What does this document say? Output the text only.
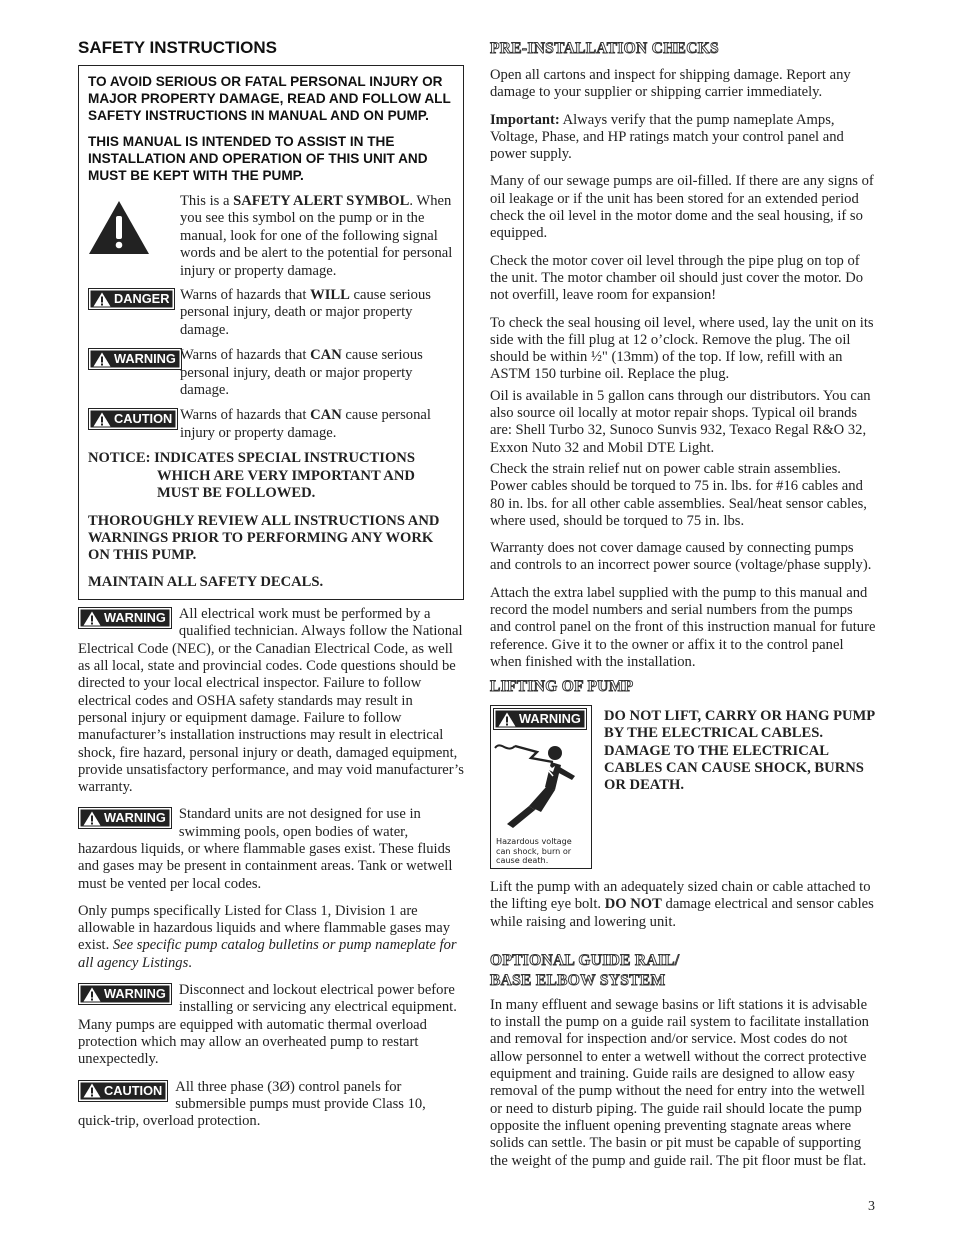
SAFETY INSTRUCTIONS

TO AVOID SERIOUS OR FATAL PERSONAL INJURY OR MAJOR PROPERTY DAMAGE, READ AND FOLLOW ALL SAFETY INSTRUCTIONS IN MANUAL AND ON PUMP.

THIS MANUAL IS INTENDED TO ASSIST IN THE INSTALLATION AND OPERATION OF THIS UNIT AND MUST BE KEPT WITH THE PUMP.

This is a SAFETY ALERT SYMBOL. When you see this symbol on the pump or in the manual, look for one of the following signal words and be alert to the potential for personal injury or property damage.
DANGER Warns of hazards that WILL cause serious personal injury, death or major property damage.
WARNING Warns of hazards that CAN cause serious personal injury, death or major property damage.
CAUTION Warns of hazards that CAN cause personal injury or property damage.
NOTICE: INDICATES SPECIAL INSTRUCTIONS
WHICH ARE VERY IMPORTANT AND
MUST BE FOLLOWED.

THOROUGHLY REVIEW ALL INSTRUCTIONS AND WARNINGS PRIOR TO PERFORMING ANY WORK ON THIS PUMP.

MAINTAIN ALL SAFETY DECALS.

WARNING All electrical work must be performed by a qualified technician. Always follow the National Electrical Code (NEC), or the Canadian Electrical Code, as well as all local, state and provincial codes. Code questions should be directed to your local electrical inspector. Failure to follow electrical codes and OSHA safety standards may result in personal injury or equipment damage. Failure to follow manufacturer’s installation instructions may result in electrical shock, fire hazard, personal injury or death, damaged equipment, provide unsatisfactory performance, and may void manufacturer’s warranty.

WARNING Standard units are not designed for use in swimming pools, open bodies of water, hazardous liquids, or where flammable gases exist. These fluids and gases may be present in containment areas. Tank or wetwell must be vented per local codes.

Only pumps specifically Listed for Class 1, Division 1 are allowable in hazardous liquids and where flammable gases may exist. See specific pump catalog bulletins or pump nameplate for all agency Listings.

WARNING Disconnect and lockout electrical power before installing or servicing any electrical equipment. Many pumps are equipped with automatic thermal overload protection which may allow an overheated pump to restart unexpectedly.

CAUTION All three phase (3Ø) control panels for submersible pumps must provide Class 10, quick-trip, overload protection.

PRE-INSTALLATION CHECKS

Open all cartons and inspect for shipping damage. Report any damage to your supplier or shipping carrier immediately.

Important: Always verify that the pump nameplate Amps, Voltage, Phase, and HP ratings match your control panel and power supply.

Many of our sewage pumps are oil-filled. If there are any signs of oil leakage or if the unit has been stored for an extended period check the oil level in the motor dome and the seal housing, if so equipped.

Check the motor cover oil level through the pipe plug on top of the unit. The motor chamber oil should just cover the motor. Do not overfill, leave room for expansion!

To check the seal housing oil level, where used, lay the unit on its side with the fill plug at 12 o’clock. Remove the plug. The oil should be within ½" (13mm) of the top. If low, refill with an ASTM 150 turbine oil. Replace the plug.

Oil is available in 5 gallon cans through our distributors. You can also source oil locally at motor repair shops. Typical oil brands are: Shell Turbo 32, Sunoco Sunvis 932, Texaco Regal R&O 32, Exxon Nuto 32 and Mobil DTE Light.

Check the strain relief nut on power cable strain assemblies. Power cables should be torqued to 75 in. lbs. for #16 cables and 80 in. lbs. for all other cable assemblies. Seal/heat sensor cables, where used, should be torqued to 75 in. lbs.

Warranty does not cover damage caused by connecting pumps and controls to an incorrect power source (voltage/phase supply).

Attach the extra label supplied with the pump to this manual and record the model numbers and serial numbers from the pumps and control panel on the front of this instruction manual for future reference. Give it to the owner or affix it to the control panel when finished with the installation.

LIFTING OF PUMP
WARNING
Hazardous voltage can shock, burn or cause death.
DO NOT LIFT, CARRY OR HANG PUMP BY THE ELECTRICAL CABLES. DAMAGE TO THE ELECTRICAL CABLES CAN CAUSE SHOCK, BURNS OR DEATH.

Lift the pump with an adequately sized chain or cable attached to the lifting eye bolt. DO NOT damage electrical and sensor cables while raising and lowering unit.

OPTIONAL GUIDE RAIL/
BASE ELBOW SYSTEM

In many effluent and sewage basins or lift stations it is advisable to install the pump on a guide rail system to facilitate installation and removal for inspection and/or service. Most codes do not allow personnel to enter a wetwell without the correct protective equipment and training. Guide rails are designed to allow easy removal of the pump without the need for entry into the wetwell or need to disturb piping. The guide rail should locate the pump opposite the influent opening preventing stagnate areas where solids can settle. The basin or pit must be capable of supporting the weight of the pump and guide rail. The pit floor must be flat.

3
